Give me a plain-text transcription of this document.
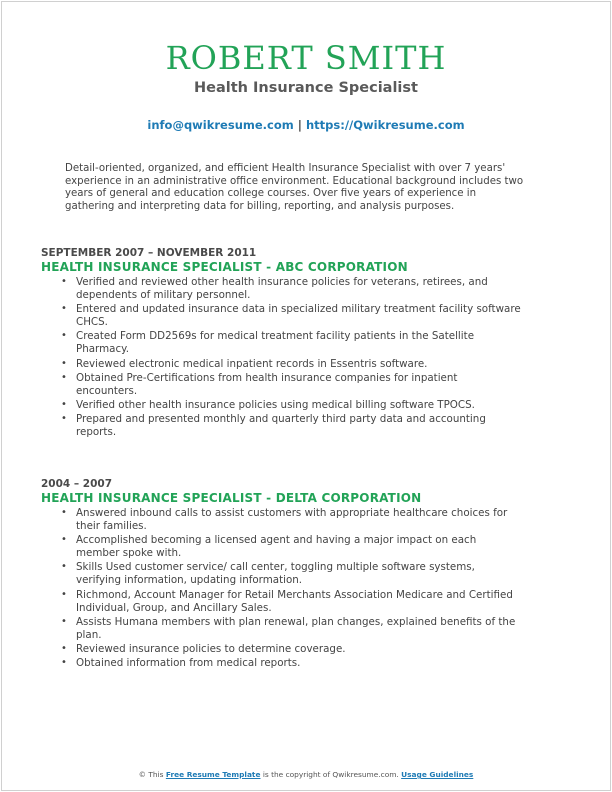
ROBERT SMITH
Health Insurance Specialist
info@qwikresume.com | https://Qwikresume.com
Detail-oriented, organized, and efficient Health Insurance Specialist with over 7 years' experience in an administrative office environment. Educational background includes two years of general and education college courses. Over five years of experience in gathering and interpreting data for billing, reporting, and analysis purposes.
SEPTEMBER 2007 – NOVEMBER 2011
HEALTH INSURANCE SPECIALIST - ABC CORPORATION
• Verified and reviewed other health insurance policies for veterans, retirees, and dependents of military personnel.
• Entered and updated insurance data in specialized military treatment facility software CHCS.
• Created Form DD2569s for medical treatment facility patients in the Satellite Pharmacy.
• Reviewed electronic medical inpatient records in Essentris software.
• Obtained Pre-Certifications from health insurance companies for inpatient encounters.
• Verified other health insurance policies using medical billing software TPOCS.
• Prepared and presented monthly and quarterly third party data and accounting reports.
2004 – 2007
HEALTH INSURANCE SPECIALIST - DELTA CORPORATION
• Answered inbound calls to assist customers with appropriate healthcare choices for their families.
• Accomplished becoming a licensed agent and having a major impact on each member spoke with.
• Skills Used customer service/ call center, toggling multiple software systems, verifying information, updating information.
• Richmond, Account Manager for Retail Merchants Association Medicare and Certified Individual, Group, and Ancillary Sales.
• Assists Humana members with plan renewal, plan changes, explained benefits of the plan.
• Reviewed insurance policies to determine coverage.
• Obtained information from medical reports.
© This Free Resume Template is the copyright of Qwikresume.com. Usage Guidelines
